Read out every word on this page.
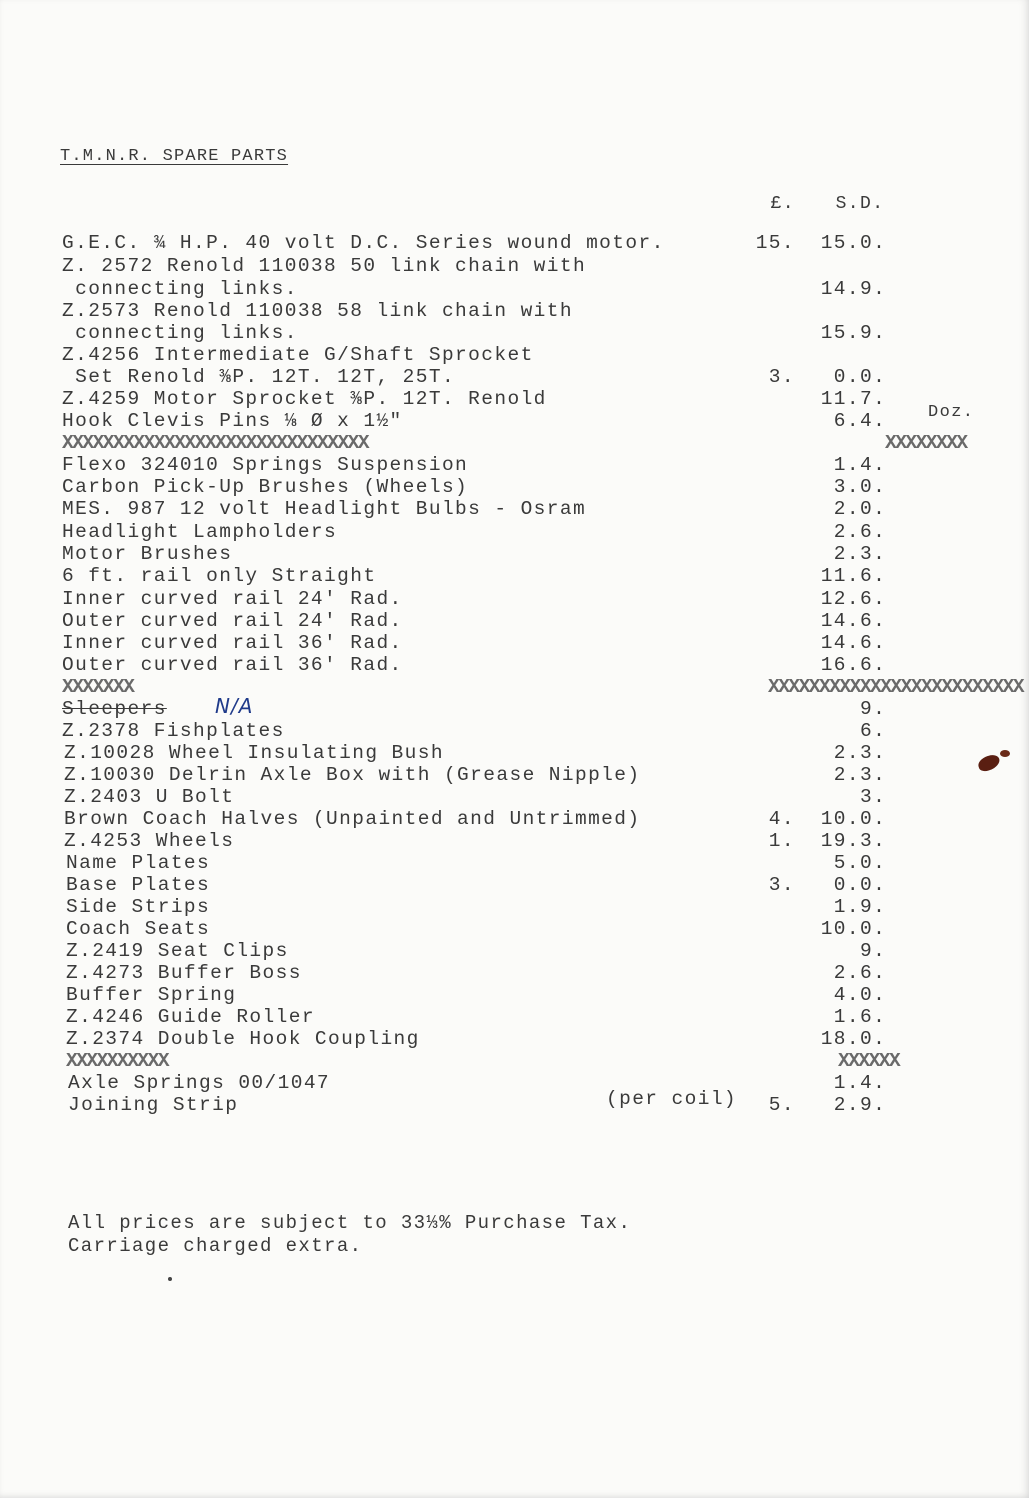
T.M.N.R. SPARE PARTS
£.	S. D.
G.E.C. ¾ H.P. 40 volt D.C. Series wound motor.	15.	15. 0.
Z. 2572 Renold 110038 50 link chain with
connecting links.	14. 9.
Z.2573 Renold 110038 58 link chain with
connecting links.	15. 9.
Z.4256 Intermediate G/Shaft Sprocket
Set Renold ⅜P. 12T. 12T, 25T.	3.	0. 0.
Z.4259 Motor Sprocket ⅜P. 12T. Renold	11. 7.
Hook Clevis Pins ⅛ Ø x 1½"	6. 4.
XXXXXXXXXXXXXXXXXXXXXXXXXXXXXX	XXXXXXXX
Flexo 324010 Springs Suspension	1. 4.
Carbon Pick-Up Brushes (Wheels)	3. 0.
MES. 987 12 volt Headlight Bulbs - Osram	2. 0.
Headlight Lampholders	2. 6.
Motor Brushes	2. 3.
6 ft. rail only Straight	11. 6.
Inner curved rail 24' Rad.	12. 6.
Outer curved rail 24' Rad.	14. 6.
Inner curved rail 36' Rad.	14. 6.
Outer curved rail 36' Rad.	16. 6.
XXXXXXX	XXXXXXXXXXXXXXXXXXXXXXXXX
Sleepers	9.
Z.2378 Fishplates	6.
Z.10028 Wheel Insulating Bush	2. 3.
Z.10030 Delrin Axle Box with (Grease Nipple)	2. 3.
Z.2403 U Bolt	3.
Brown Coach Halves (Unpainted and Untrimmed)	4.	10. 0.
Z.4253 Wheels	1.	19. 3.
Name Plates	5. 0.
Base Plates	3.	0. 0.
Side Strips	1. 9.
Coach Seats	10. 0.
Z.2419 Seat Clips	9.
Z.4273 Buffer Boss	2. 6.
Buffer Spring	4. 0.
Z.4246 Guide Roller	1. 6.
Z.2374 Double Hook Coupling	18. 0.
XXXXXXXXXX	XXXXXX
Axle Springs 00/1047	1. 4.
Joining Strip	5.	2. 9.
Doz.
(per coil)
N/A
All prices are subject to 33⅓% Purchase Tax.
Carriage charged extra.
